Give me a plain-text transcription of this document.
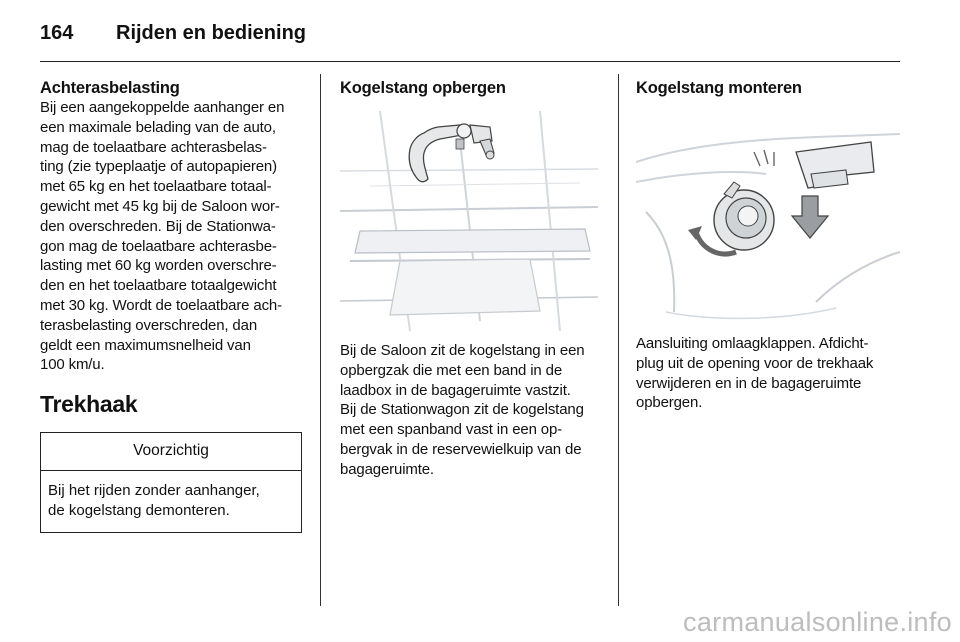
164 Rijden en bediening
Achterasbelasting

Bij een aangekoppelde aanhanger en
een maximale belading van de auto,
mag de toelaatbare achterasbelas-
ting (zie typeplaatje of autopapieren)
met 65 kg en het toelaatbare totaal-
gewicht met 45 kg bij de Saloon wor-
den overschreden. Bij de Stationwa-
gon mag de toelaatbare achterasbe-
lasting met 60 kg worden overschre-
den en het toelaatbare totaalgewicht
met 30 kg. Wordt de toelaatbare ach-
terasbelasting overschreden, dan
geldt een maximumsnelheid van
100 km/u.

Trekhaak
Voorzichtig
Bij het rijden zonder aanhanger,
de kogelstang demonteren.
Kogelstang opbergen

Bij de Saloon zit de kogelstang in een
opbergzak die met een band in de
laadbox in de bagageruimte vastzit.
Bij de Stationwagon zit de kogelstang
met een spanband vast in een op-
bergvak in de reservewielkuip van de
bagageruimte.

Kogelstang monteren

Aansluiting omlaagklappen. Afdicht-
plug uit de opening voor de trekhaak
verwijderen en in de bagageruimte
opbergen.

carmanualsonline.info
